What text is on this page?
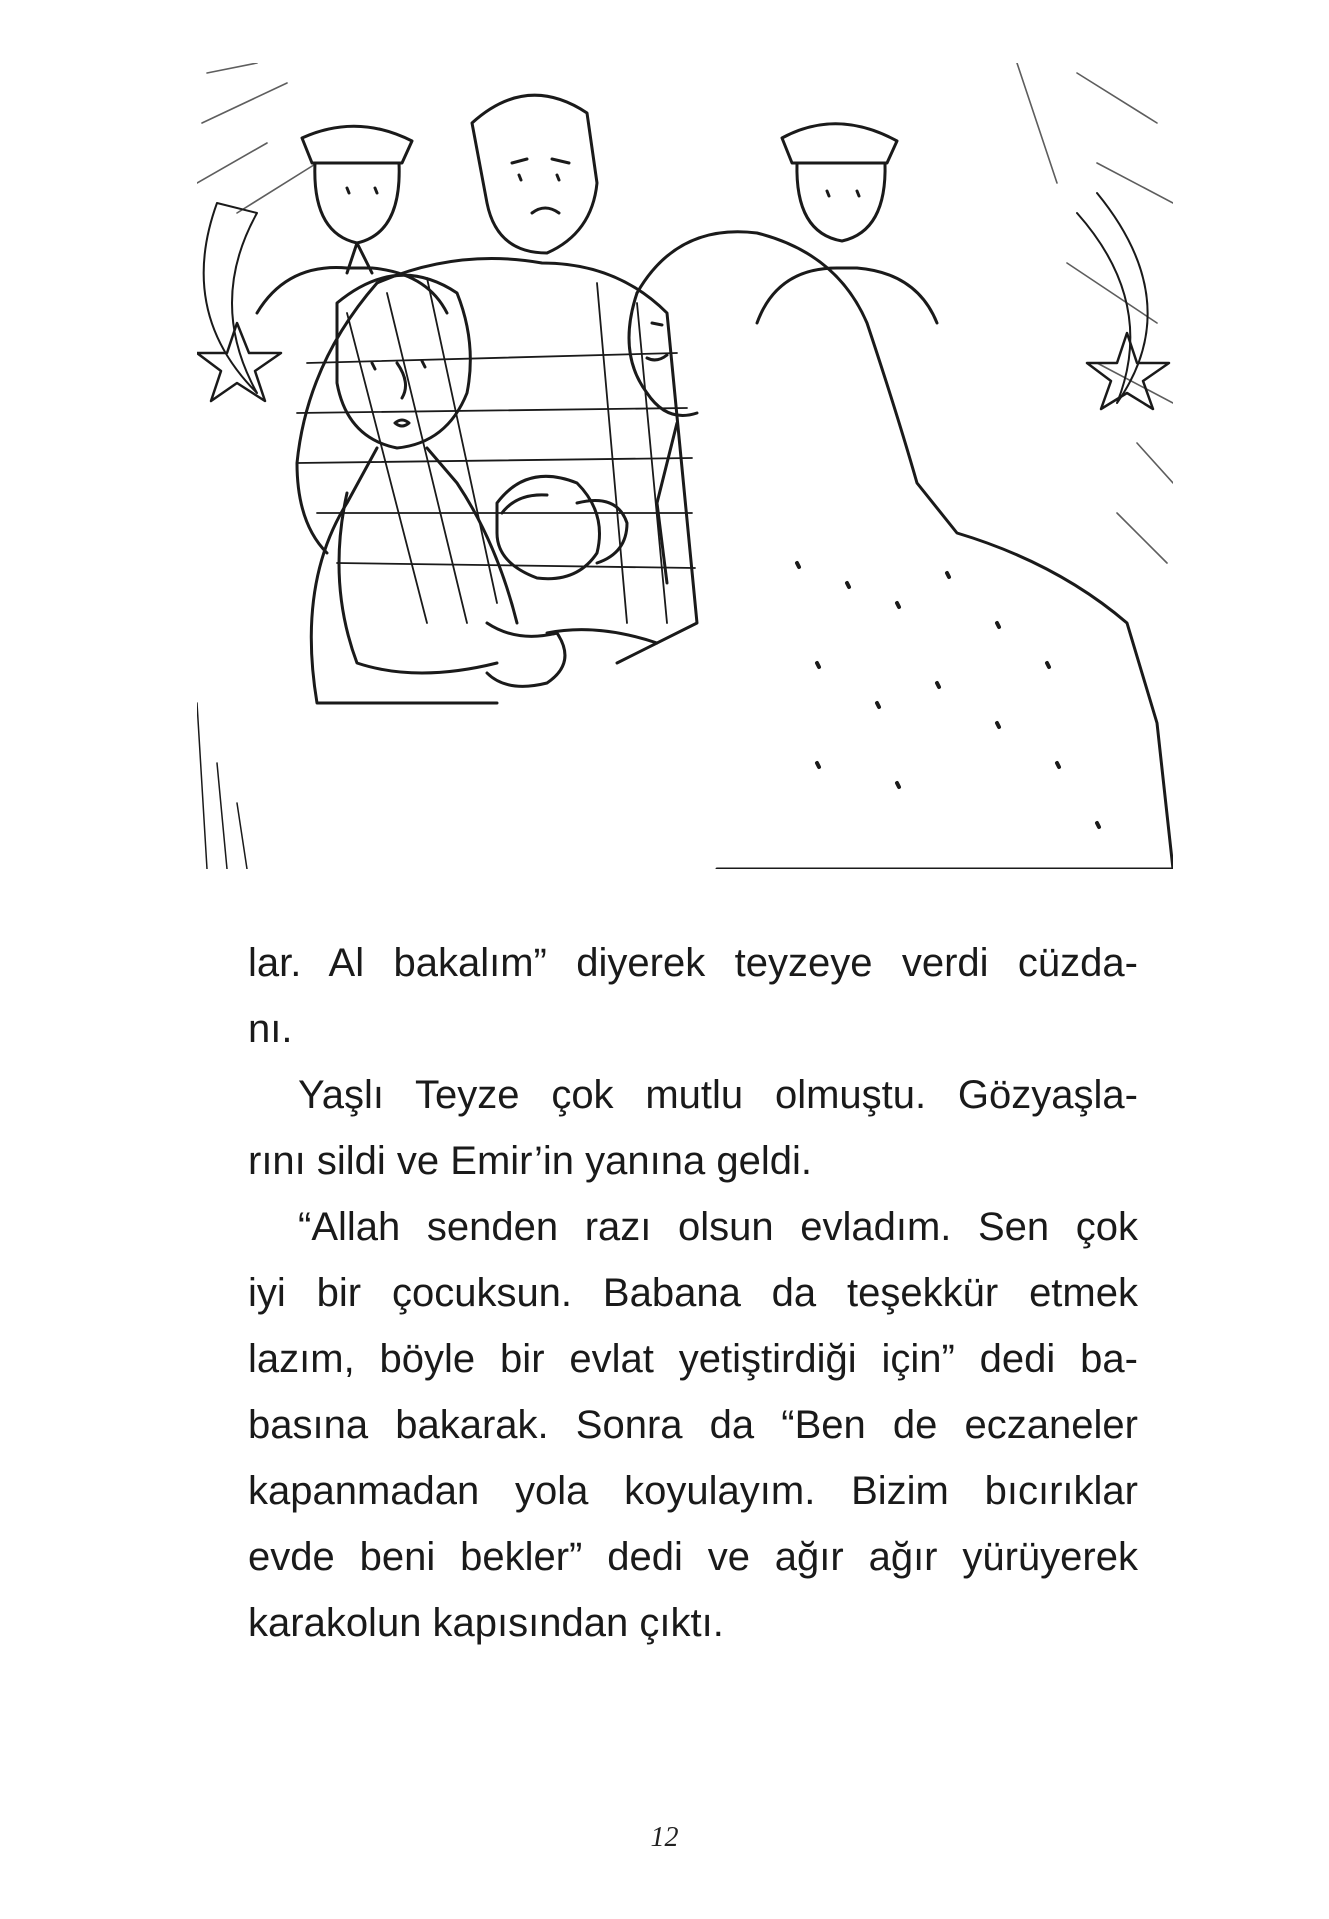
lar. Al bakalım” diyerek teyzeye verdi cüzda-
nı.
Yaşlı Teyze çok mutlu olmuştu. Gözyaşla-
rını sildi ve Emir’in yanına geldi.
“Allah senden razı olsun evladım. Sen çok
iyi bir çocuksun. Babana da teşekkür etmek
lazım, böyle bir evlat yetiştirdiği için” dedi ba-
basına bakarak. Sonra da “Ben de eczaneler
kapanmadan yola koyulayım. Bizim bıcırıklar
evde beni bekler” dedi ve ağır ağır yürüyerek
karakolun kapısından çıktı.
12
